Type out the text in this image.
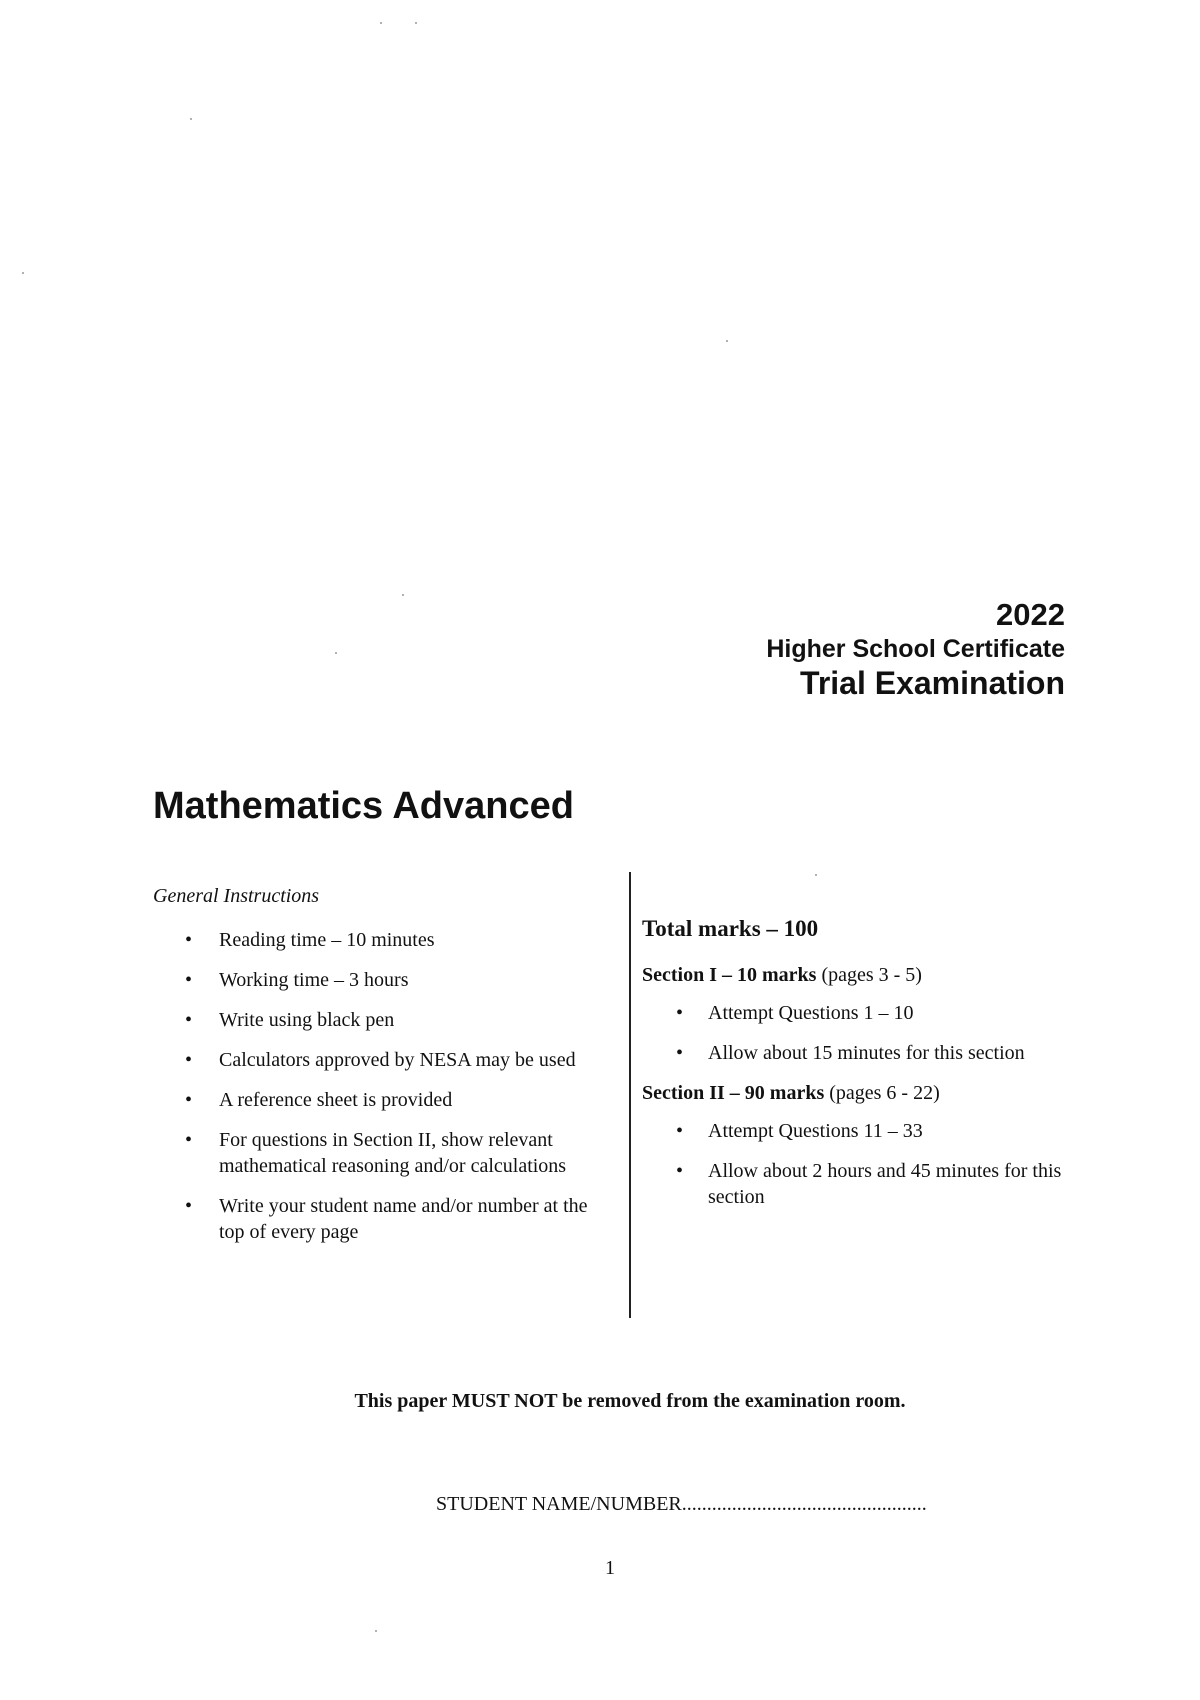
2022
Higher School Certificate
Trial Examination
Mathematics Advanced
General Instructions
• Reading time – 10 minutes
• Working time – 3 hours
• Write using black pen
• Calculators approved by NESA may be used
• A reference sheet is provided
• For questions in Section II, show relevant mathematical reasoning and/or calculations
• Write your student name and/or number at the top of every page
Total marks – 100
Section I – 10 marks (pages 3 - 5)
• Attempt Questions 1 – 10
• Allow about 15 minutes for this section
Section II – 90 marks (pages 6 - 22)
• Attempt Questions 11 – 33
• Allow about 2 hours and 45 minutes for this section
This paper MUST NOT be removed from the examination room.
STUDENT NAME/NUMBER.................................................
1
